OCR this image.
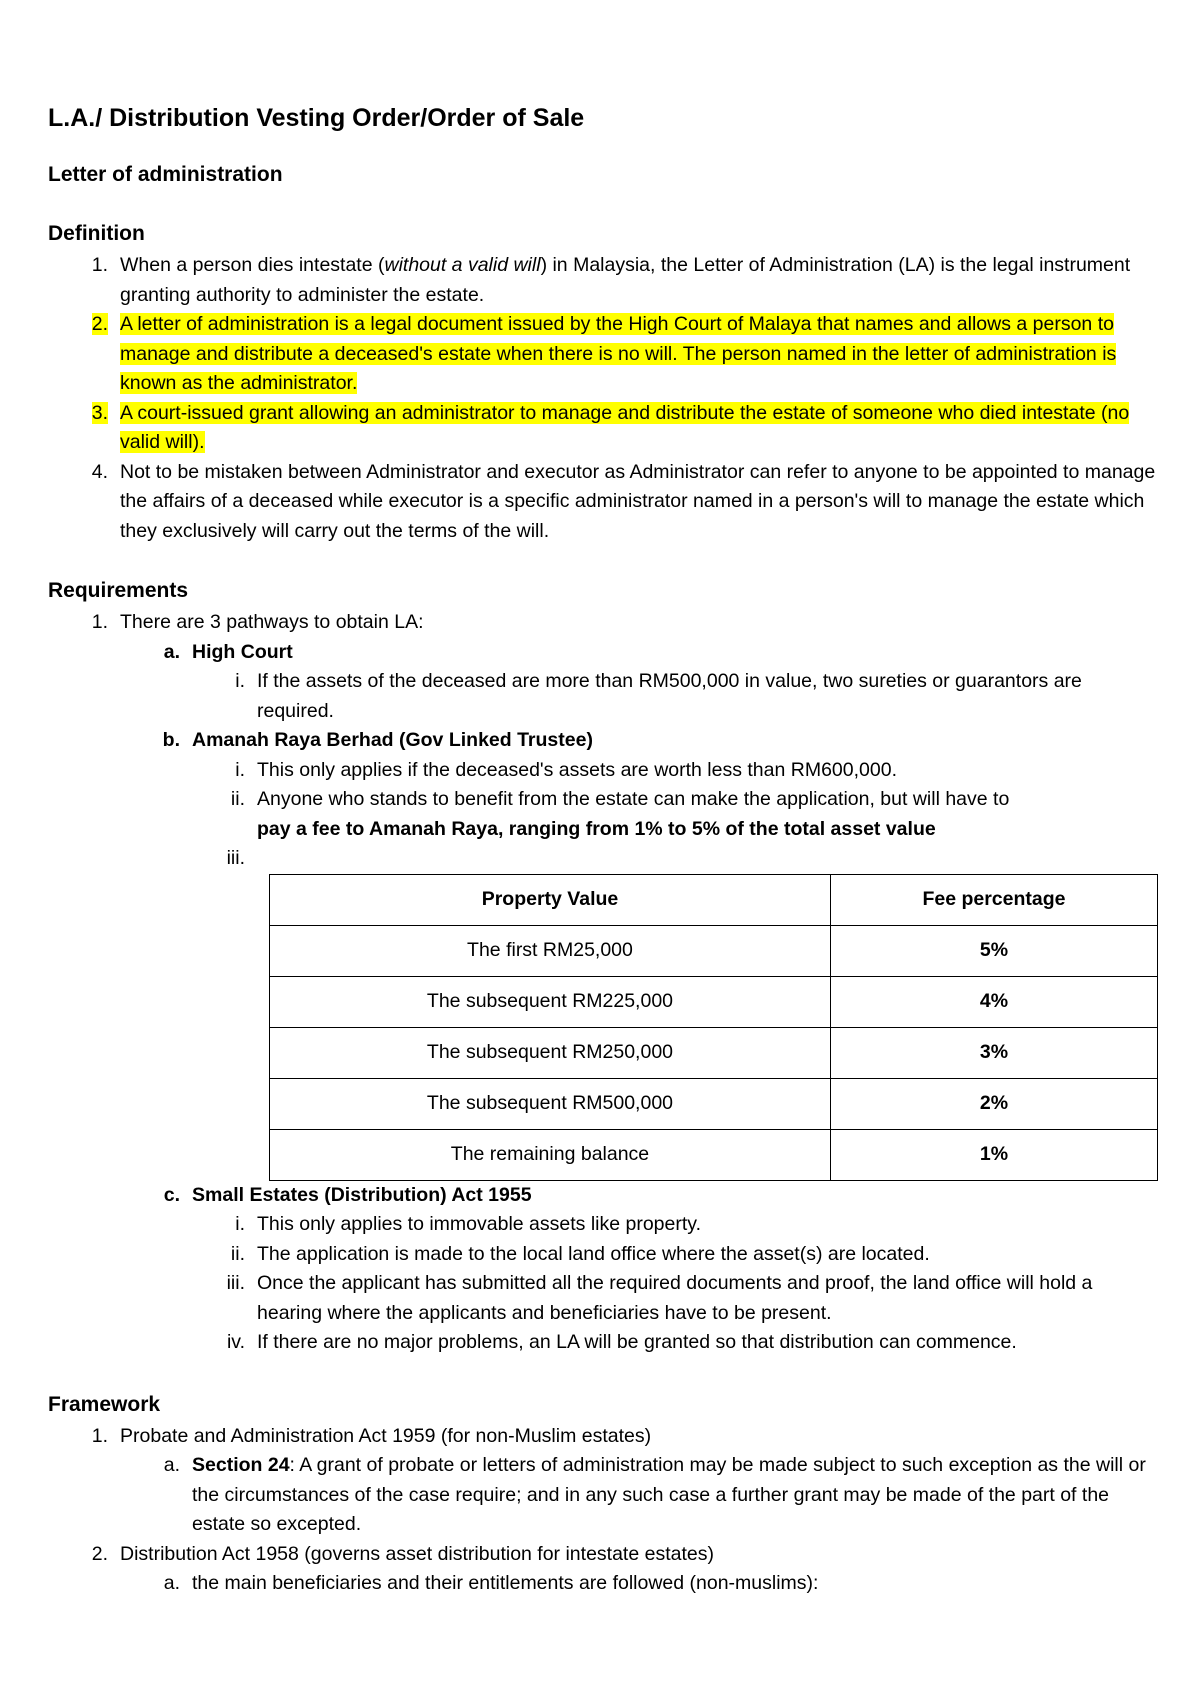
L.A./ Distribution Vesting Order/Order of Sale
Letter of administration
Definition
1. When a person dies intestate (without a valid will) in Malaysia, the Letter of Administration (LA) is the legal instrument granting authority to administer the estate.
2. A letter of administration is a legal document issued by the High Court of Malaya that names and allows a person to manage and distribute a deceased's estate when there is no will. The person named in the letter of administration is known as the administrator.
3. A court-issued grant allowing an administrator to manage and distribute the estate of someone who died intestate (no valid will).
4. Not to be mistaken between Administrator and executor as Administrator can refer to anyone to be appointed to manage the affairs of a deceased while executor is a specific administrator named in a person's will to manage the estate which they exclusively will carry out the terms of the will.
Requirements
1. There are 3 pathways to obtain LA:
a. High Court
i. If the assets of the deceased are more than RM500,000 in value, two sureties or guarantors are required.
b. Amanah Raya Berhad (Gov Linked Trustee)
i. This only applies if the deceased's assets are worth less than RM600,000.
ii. Anyone who stands to benefit from the estate can make the application, but will have to
pay a fee to Amanah Raya, ranging from 1% to 5% of the total asset value
iii.
Property Value	Fee percentage
The first RM25,000	5%
The subsequent RM225,000	4%
The subsequent RM250,000	3%
The subsequent RM500,000	2%
The remaining balance	1%
c. Small Estates (Distribution) Act 1955
i. This only applies to immovable assets like property.
ii. The application is made to the local land office where the asset(s) are located.
iii. Once the applicant has submitted all the required documents and proof, the land office will hold a hearing where the applicants and beneficiaries have to be present.
iv. If there are no major problems, an LA will be granted so that distribution can commence.
Framework
1. Probate and Administration Act 1959 (for non-Muslim estates)
a. Section 24: A grant of probate or letters of administration may be made subject to such exception as the will or the circumstances of the case require; and in any such case a further grant may be made of the part of the estate so excepted.
2. Distribution Act 1958 (governs asset distribution for intestate estates)
a. the main beneficiaries and their entitlements are followed (non-muslims):
